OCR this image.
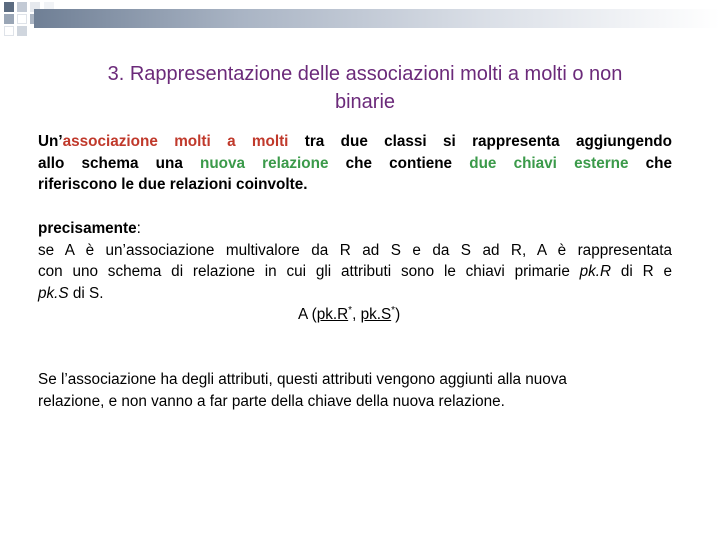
3. Rappresentazione delle associazioni molti a molti o non
binarie
Un’associazione molti a molti tra due classi si rappresenta aggiungendo
allo schema una nuova relazione che contiene due chiavi esterne che
riferiscono le due relazioni coinvolte.
precisamente:
se A è un’associazione multivalore da R ad S e da S ad R, A è rappresentata
con uno schema di relazione in cui gli attributi sono le chiavi primarie pk.R di R e
pk.S di S.
A (pk.R*, pk.S*)
Se l’associazione ha degli attributi, questi attributi vengono aggiunti alla nuova
relazione, e non vanno a far parte della chiave della nuova relazione.
